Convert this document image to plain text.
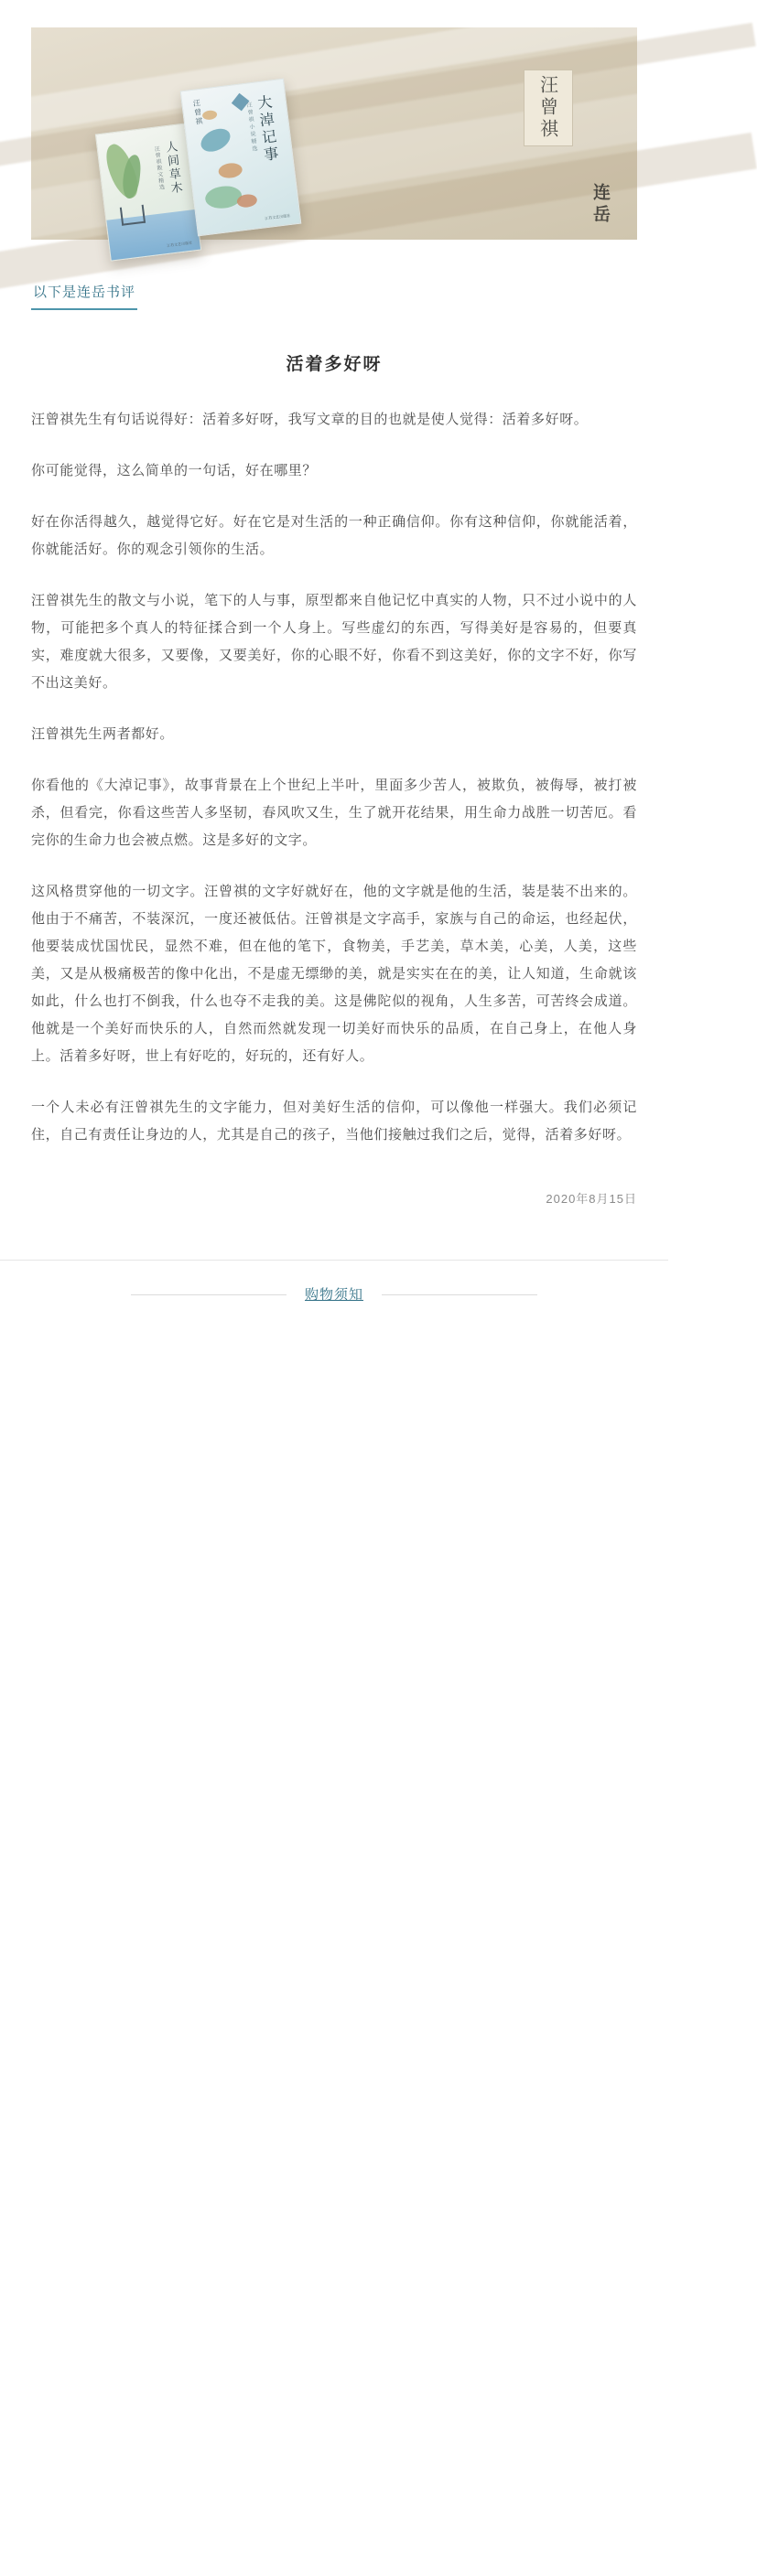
人间草木
汪曾祺散文精选
江苏文艺出版社
汪曾祺	大淖记事
汪曾祺小说精选
江苏文艺出版社
汪曾祺
连岳
以下是连岳书评
活着多好呀

汪曾祺先生有句话说得好：活着多好呀，我写文章的目的也就是使人觉得：活着多好呀。

你可能觉得，这么简单的一句话，好在哪里？

好在你活得越久，越觉得它好。好在它是对生活的一种正确信仰。你有这种信仰，你就能活着，你就能活好。你的观念引领你的生活。

汪曾祺先生的散文与小说，笔下的人与事，原型都来自他记忆中真实的人物，只不过小说中的人物，可能把多个真人的特征揉合到一个人身上。写些虚幻的东西，写得美好是容易的，但要真实，难度就大很多，又要像，又要美好，你的心眼不好，你看不到这美好，你的文字不好，你写不出这美好。

汪曾祺先生两者都好。

你看他的《大淖记事》，故事背景在上个世纪上半叶，里面多少苦人，被欺负，被侮辱，被打被杀，但看完，你看这些苦人多坚韧，春风吹又生，生了就开花结果，用生命力战胜一切苦厄。看完你的生命力也会被点燃。这是多好的文字。

这风格贯穿他的一切文字。汪曾祺的文字好就好在，他的文字就是他的生活，装是装不出来的。他由于不痛苦，不装深沉，一度还被低估。汪曾祺是文字高手，家族与自己的命运，也经起伏，他要装成忧国忧民，显然不难，但在他的笔下，食物美，手艺美，草木美，心美，人美，这些美，又是从极痛极苦的像中化出，不是虚无缥缈的美，就是实实在在的美，让人知道，生命就该如此，什么也打不倒我，什么也夺不走我的美。这是佛陀似的视角，人生多苦，可苦终会成道。他就是一个美好而快乐的人，自然而然就发现一切美好而快乐的品质，在自己身上，在他人身上。活着多好呀，世上有好吃的，好玩的，还有好人。

一个人未必有汪曾祺先生的文字能力，但对美好生活的信仰，可以像他一样强大。我们必须记住，自己有责任让身边的人，尤其是自己的孩子，当他们接触过我们之后，觉得，活着多好呀。

2020年8月15日
购物须知
